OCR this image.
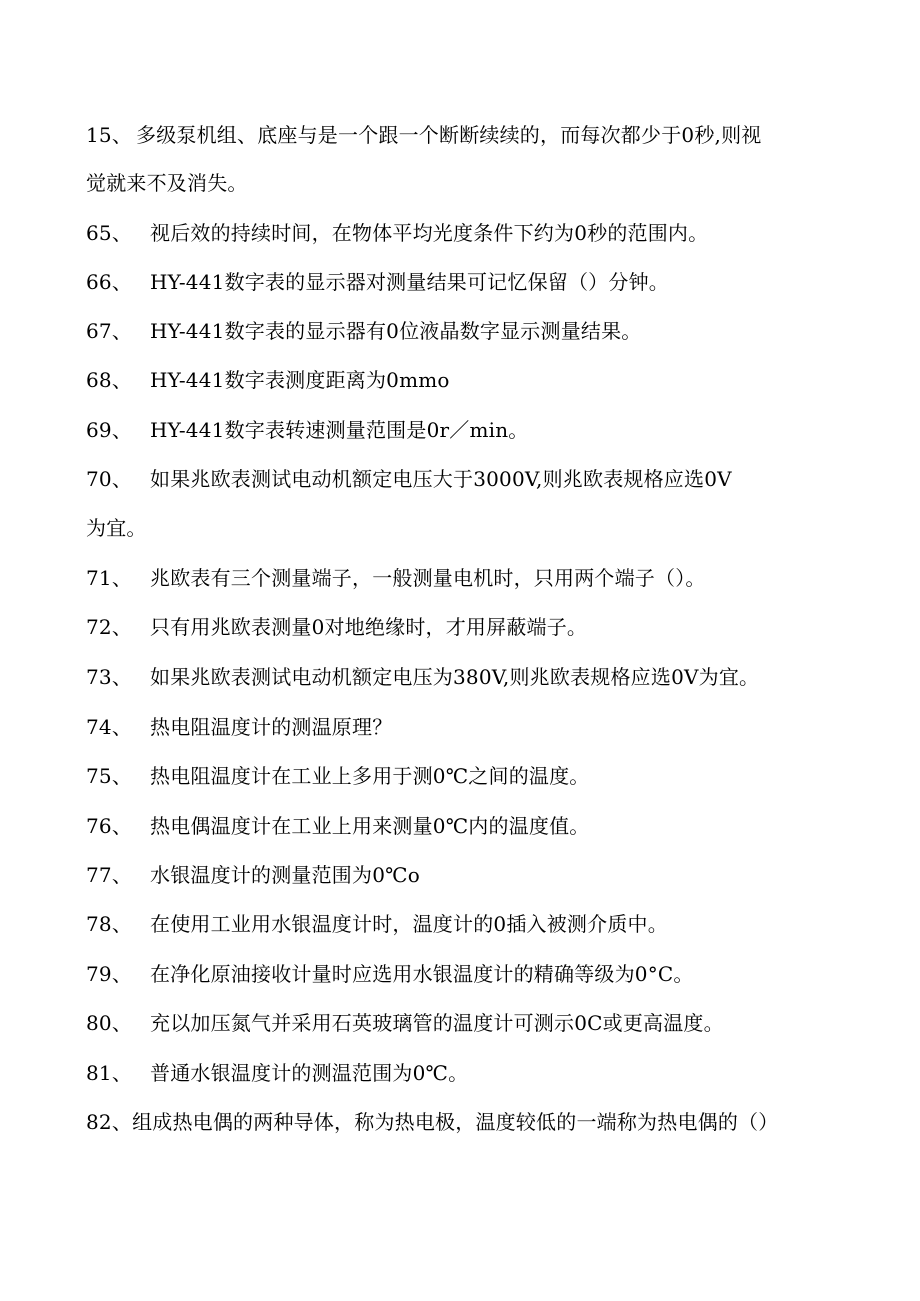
15、 多级泵机组、底座与是一个跟一个断断续续的，而每次都少于0秒,则视
觉就来不及消失。
65、 视后效的持续时间，在物体平均光度条件下约为0秒的范围内。
66、 HY-441数字表的显示器对测量结果可记忆保留（）分钟。
67、 HY-441数字表的显示器有0位液晶数字显示测量结果。
68、 HY-441数字表测度距离为0mmo
69、 HY-441数字表转速测量范围是0r／min。
70、 如果兆欧表测试电动机额定电压大于3000V,则兆欧表规格应选0V
为宜。
71、 兆欧表有三个测量端子，一般测量电机时，只用两个端子（）。
72、 只有用兆欧表测量0对地绝缘时，才用屏蔽端子。
73、 如果兆欧表测试电动机额定电压为380V,则兆欧表规格应选0V为宜。
74、 热电阻温度计的测温原理？
75、 热电阻温度计在工业上多用于测0℃之间的温度。
76、 热电偶温度计在工业上用来测量0℃内的温度值。
77、 水银温度计的测量范围为0℃o
78、 在使用工业用水银温度计时，温度计的0插入被测介质中。
79、 在净化原油接收计量时应选用水银温度计的精确等级为0°C。
80、 充以加压氮气并采用石英玻璃管的温度计可测示0C或更高温度。
81、 普通水银温度计的测温范围为0℃。
82、组成热电偶的两种导体，称为热电极，温度较低的一端称为热电偶的（）
